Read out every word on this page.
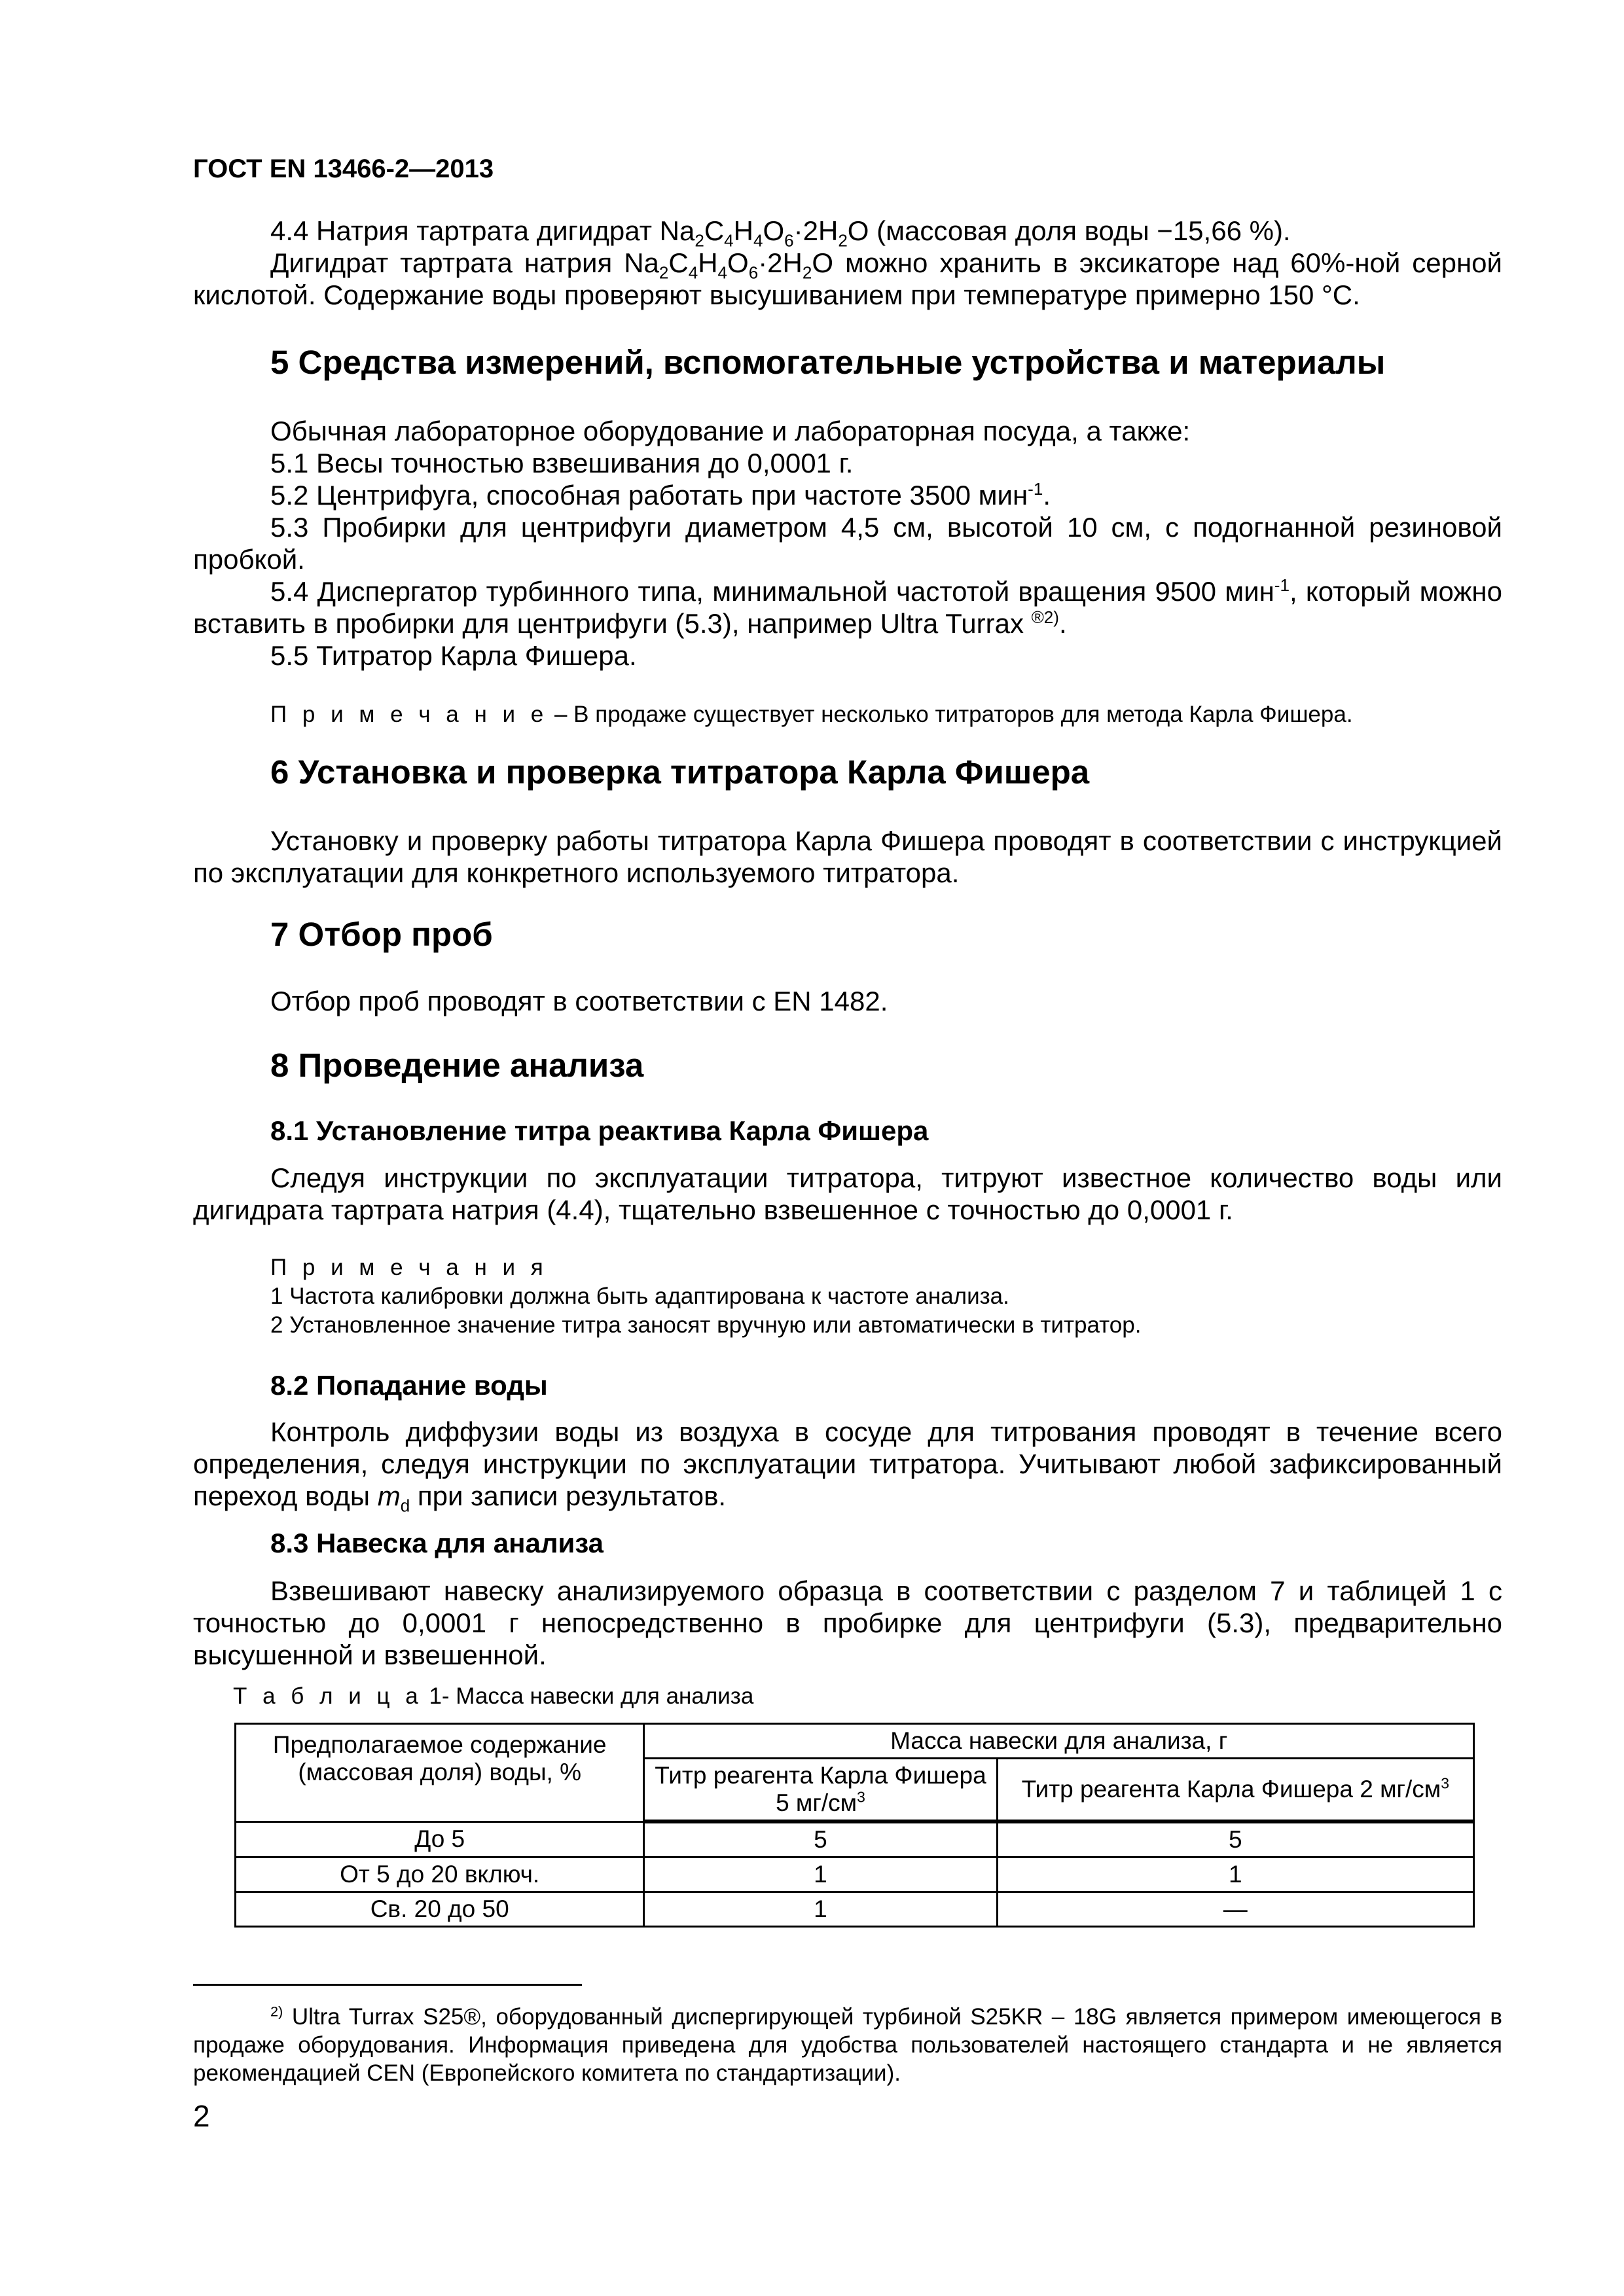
ГОСТ EN 13466-2—2013

4.4 Натрия тартрата дигидрат $Na_2C_4H_4O_6\cdot 2H_2O$ (массовая доля воды −15,66 %).

Дигидрат тартрата натрия $Na_2C_4H_4O_6\cdot 2H_2O$ можно хранить в эксикаторе над 60%-ной серной кислотой. Содержание воды проверяют высушиванием при температуре примерно 150 °C.

5 Средства измерений, вспомогательные устройства и материалы

Обычная лабораторное оборудование и лабораторная посуда, а также:

5.1 Весы точностью взвешивания до 0,0001 г.

5.2 Центрифуга, способная работать при частоте 3500 мин$^{-1}$.

5.3 Пробирки для центрифуги диаметром 4,5 см, высотой 10 см, с подогнанной резиновой пробкой.

5.4 Диспергатор турбинного типа, минимальной частотой вращения 9500 мин$^{-1}$, который можно вставить в пробирки для центрифуги (5.3), например Ultra Turrax $^{®2)}$.

5.5 Титратор Карла Фишера.

П р и м е ч а н и е – В продаже существует несколько титраторов для метода Карла Фишера.

6 Установка и проверка титратора Карла Фишера

Установку и проверку работы титратора Карла Фишера проводят в соответствии с инструкцией по эксплуатации для конкретного используемого титратора.

7 Отбор проб

Отбор проб проводят в соответствии с EN 1482.

8 Проведение анализа
8.1 Установление титра реактива Карла Фишера

Следуя инструкции по эксплуатации титратора, титруют известное количество воды или дигидрата тартрата натрия (4.4), тщательно взвешенное с точностью до 0,0001 г.

П р и м е ч а н и я

1 Частота калибровки должна быть адаптирована к частоте анализа.

2 Установленное значение титра заносят вручную или автоматически в титратор.

8.2 Попадание воды

Контроль диффузии воды из воздуха в сосуде для титрования проводят в течение всего определения, следуя инструкции по эксплуатации титратора. Учитывают любой зафиксированный переход воды $m_d$ при записи результатов.

8.3 Навеска для анализа

Взвешивают навеску анализируемого образца в соответствии с разделом 7 и таблицей 1 с точностью до 0,0001 г непосредственно в пробирке для центрифуги (5.3), предварительно высушенной и взвешенной.

Т а б л и ц а 1- Масса навески для анализа

Предполагаемое содержание (массовая доля) воды, %	Масса навески для анализа, г	
	Титр реагента Карла Фишера 5 $мг/см^3$	Титр реагента Карла Фишера 2 $мг/см^3$
До 5	5	5
От 5 до 20 включ.	1	1
Св. 20 до 50	1	—

$^{2)}$ Ultra Turrax S25®, оборудованный диспергирующей турбиной S25KR – 18G является примером имеющегося в продаже оборудования. Информация приведена для удобства пользователей настоящего стандарта и не является рекомендацией CEN (Европейского комитета по стандартизации).

2
